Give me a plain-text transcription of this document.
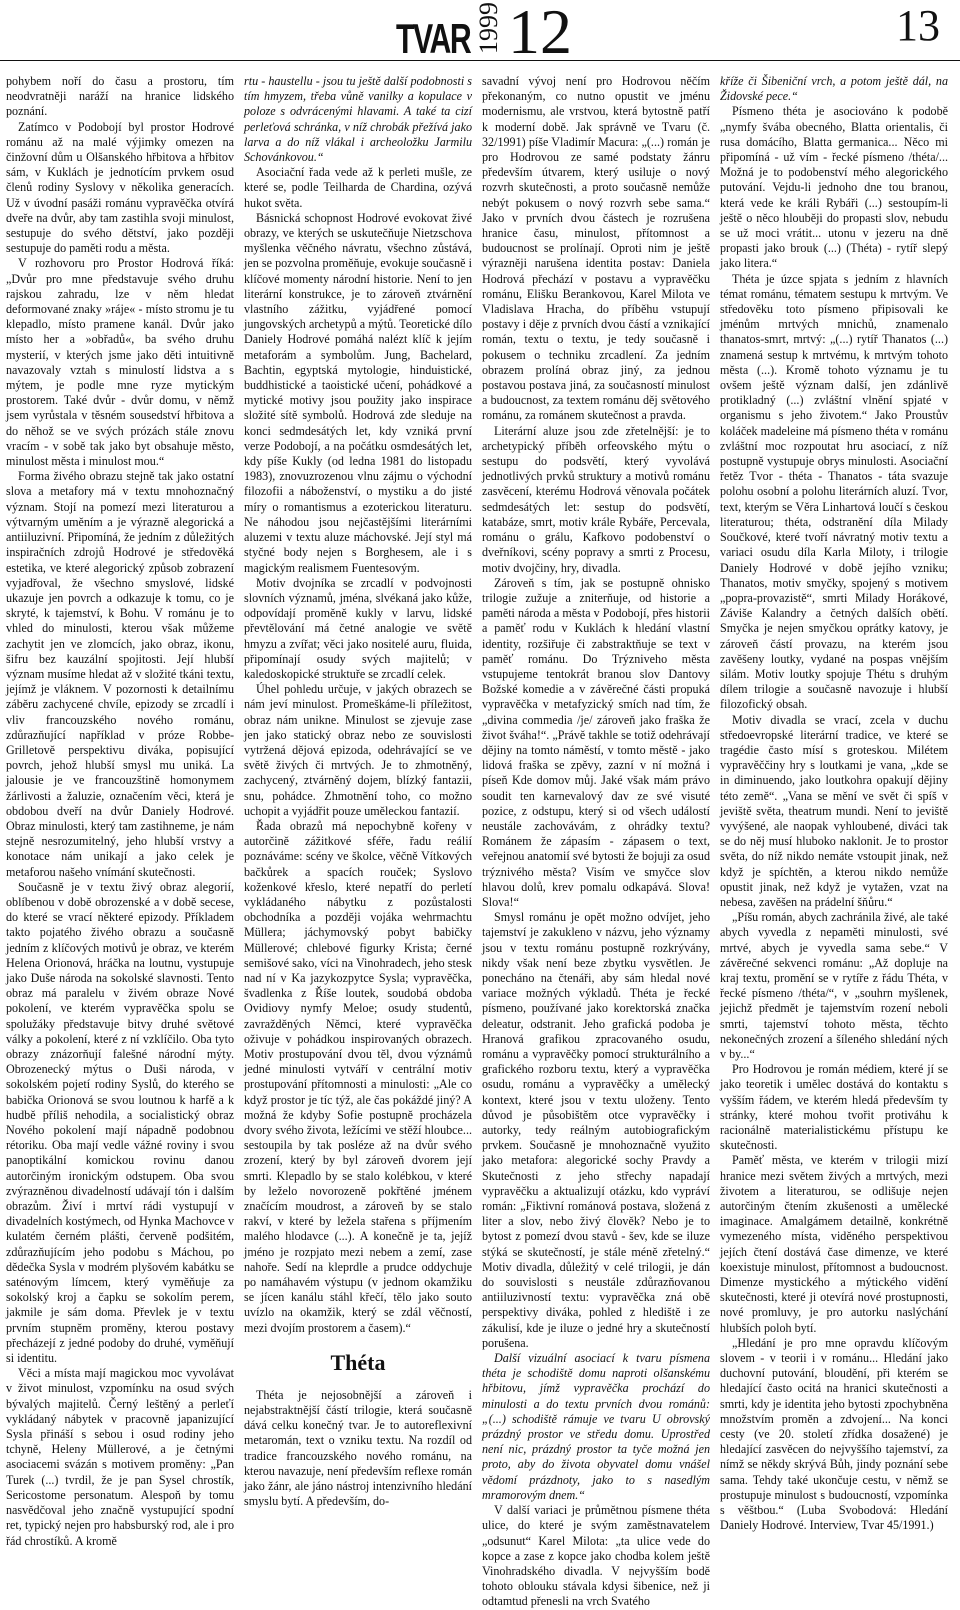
TVAR 1999 12	13

pohybem noří do času a prostoru, tím neodvratněji naráží na hranice lidského poznání.

Zatímco v Podobojí byl prostor Hodrové románu až na malé výjimky omezen na činžovní dům u Olšanského hřbitova a hřbitov sám, v Kuklách je jednotícím prvkem osud členů rodiny Syslovy v několika generacích. Už v úvodní pasáži románu vypravěčka otvírá dveře na dvůr, aby tam zastihla svoji minulost, sestupuje do svého dětství, jako později sestupuje do paměti rodu a města.

V rozhovoru pro Prostor Hodrová říká: „Dvůr pro mne představuje svého druhu rajskou zahradu, lze v něm hledat deformované znaky »ráje« - místo stromu je tu klepadlo, místo pramene kanál. Dvůr jako místo her a »obřadů«, ba svého druhu mysterií, v kterých jsme jako děti intuitivně navazovaly vztah s minulostí lidstva a s mýtem, je podle mne ryze mytickým prostorem. Také dvůr - dvůr domu, v němž jsem vyrůstala v těsném sousedství hřbitova a do něhož se ve svých prózách stále znovu vracím - v sobě tak jako byt obsahuje město, minulost města i minulost mou.“

Forma živého obrazu stejně tak jako ostatní slova a metafory má v textu mnohoznačný význam. Stojí na pomezí mezi literaturou a výtvarným uměním a je výrazně alegorická a antiiluzivní. Připomíná, že jedním z důležitých inspiračních zdrojů Hodrové je středověká estetika, ve které alegorický způsob zobrazení vyjadřoval, že všechno smyslové, lidské ukazuje jen povrch a odkazuje k tomu, co je skryté, k tajemství, k Bohu. V románu je to vhled do minulosti, kterou však můžeme zachytit jen ve zlomcích, jako obraz, ikonu, šifru bez kauzální spojitosti. Její hlubší význam musíme hledat až v složité tkáni textu, jejímž je vláknem. V pozornosti k detailnímu záběru zachycené chvíle, epizody se zrcadlí i vliv francouzského nového románu, zdůrazňující například v próze Robbe-Grilletově perspektivu diváka, popisující povrch, jehož hlubší smysl mu uniká. La jalousie je ve francouzštině homonymem žárlivosti a žaluzie, označením věci, která je obdobou dveří na dvůr Daniely Hodrové. Obraz minulosti, který tam zastihneme, je nám stejně nesrozumitelný, jeho hlubší vrstvy a konotace nám unikají a jako celek je metaforou našeho vnímání skutečnosti.

Současně je v textu živý obraz alegorií, oblíbenou v době obrozenské a v době secese, do které se vrací některé epizody. Příkladem takto pojatého živého obrazu a současně jedním z klíčových motivů je obraz, ve kterém Helena Orionová, hráčka na loutnu, vystupuje jako Duše národa na sokolské slavnosti. Tento obraz má paralelu v živém obraze Nové pokolení, ve kterém vypravěčka spolu se spolužáky představuje bitvy druhé světové války a pokolení, které z ní vzklíčilo. Oba tyto obrazy znázorňují falešné národní mýty. Obrozenecký mýtus o Duši národa, v sokolském pojetí rodiny Syslů, do kterého se babička Orionová se svou loutnou k harfě a k hudbě příliš nehodila, a socialistický obraz Nového pokolení mají nápadně podobnou rétoriku. Oba mají vedle vážné roviny i svou panoptikální komickou rovinu danou autorčiným ironickým odstupem. Oba svou zvýrazněnou divadelností udávají tón i dalším obrazům. Živí i mrtví rádi vystupují v divadelních kostýmech, od Hynka Machovce v kulatém černém plášti, červeně podšitém, zdůrazňujícím jeho podobu s Máchou, po dědečka Sysla v modrém plyšovém kabátku se saténovým límcem, který vyměňuje za sokolský kroj a čapku se sokolím perem, jakmile je sám doma. Převlek je v textu prvním stupněm proměny, kterou postavy přecházejí z jedné podoby do druhé, vyměňují si identitu.

Věci a místa mají magickou moc vyvolávat v život minulost, vzpomínku na osud svých bývalých majitelů. Černý leštěný a perleťí vykládaný nábytek v pracovně japanizující Sysla přináší s sebou i osud rodiny jeho tchyně, Heleny Müllerové, a je četnými asociacemi svázán s motivem proměny: „Pan Turek (...) tvrdil, že je pan Sysel chrostík, Sericostome personatum. Alespoň by tomu nasvědčoval jeho značně vystupující spodní ret, typický nejen pro habsburský rod, ale i pro řád chrostíků. A kromě

rtu - haustellu - jsou tu ještě další podobnosti s tím hmyzem, třeba vůně vanilky a kopulace v poloze s odvrácenými hlavami. A také ta cizí perleťová schránka, v níž chrobák přežívá jako larva a do níž vlákal i archeoložku Jarmilu Schovánkovou.“

Asociační řada vede až k perleti mušle, ze které se, podle Teilharda de Chardina, ozývá hukot světa.

Básnická schopnost Hodrové evokovat živé obrazy, ve kterých se uskutečňuje Nietzschova myšlenka věčného návratu, všechno zůstává, jen se pozvolna proměňuje, evokuje současně i klíčové momenty národní historie. Není to jen literární konstrukce, je to zároveň ztvárnění vlastního zážitku, vyjádřené pomocí jungovských archetypů a mýtů. Teoretické dílo Daniely Hodrové pomáhá nalézt klíč k jejím metaforám a symbolům. Jung, Bachelard, Bachtin, egyptská mytologie, hinduistické, buddhistické a taoistické učení, pohádkové a mytické motivy jsou použity jako inspirace složité sítě symbolů. Hodrová zde sleduje na konci sedmdesátých let, kdy vzniká první verze Podobojí, a na počátku osmdesátých let, kdy píše Kukly (od ledna 1981 do listopadu 1983), znovuzrozenou vlnu zájmu o východní filozofii a náboženství, o mystiku a do jisté míry o romantismus a ezoterickou literaturu. Ne náhodou jsou nejčastějšími literárními aluzemi v textu aluze máchovské. Její styl má styčné body nejen s Borghesem, ale i s magickým realismem Fuentesovým.

Motiv dvojníka se zrcadlí v podvojnosti slovních významů, jména, slvékaná jako kůže, odpovídají proměně kukly v larvu, lidské převtělování má četné analogie ve světě hmyzu a zvířat; věci jako nositelé auru, fluida, připomínají osudy svých majitelů; v kaledoskopické struktuře se zrcadlí celek.

Úhel pohledu určuje, v jakých obrazech se nám jeví minulost. Promeškáme-li příležitost, obraz nám unikne. Minulost se zjevuje zase jen jako statický obraz nebo ze souvislosti vytržená dějová epizoda, odehrávající se ve světě živých či mrtvých. Je to zhmotněný, zachycený, ztvárněný dojem, blízký fantazii, snu, pohádce. Zhmotnění toho, co možno uchopit a vyjádřit pouze uměleckou fantazií.

Řada obrazů má nepochybně kořeny v autorčině zážitkové sféře, řadu reálií poznáváme: scény ve školce, věčně Vítkových bačkůrek a spacích rouček; Syslovo koženkové křeslo, které nepatří do perletí vykládaného nábytku z pozůstalosti obchodníka a později vojáka wehrmachtu Müllera; jáchymovský pobyt babičky Müllerové; chlebové figurky Krista; černé semišové sako, víci na Vinohradech, jeho stesk nad ní v Ka jazykozpytce Sysla; vypravěčka, švadlenka z Říše loutek, soudobá obdoba Ovidiovy nymfy Meloe; osudy studentů, zavražděných Němci, které vypravěčka oživuje v pohádkou inspirovaných obrazech. Motiv prostupování dvou těl, dvou význámů jedné minulosti vytváří v centrální motiv prostupování přítomnosti a minulosti: „Ale co když prostor je tíc týž, ale čas pokáždé jiný? A možná že kdyby Sofie postupně procházela dvory svého života, ležícími ve stěží hloubce... sestoupila by tak posléze až na dvůr svého zrození, který by byl zároveň dvorem její smrti. Klepadlo by se stalo kolébkou, v které by leželo novorozeně pokřtěné jménem značícím moudrost, a zároveň by se stalo rakví, v které by ležela stařena s příjmením malého hlodavce (...). A konečně je ta, jejíž jméno je rozpjato mezi nebem a zemí, zase nahoře. Sedí na kleprdle a prudce oddychuje po namáhavém výstupu (v jednom okamžiku se jícen kanálu stáhl křečí, tělo jako souto uvízlo na okamžik, který se zdál věčností, mezi dvojím prostorem a časem).“

Théta

Théta je nejosobnější a zároveň i nejabstraktnější částí trilogie, která současně dává celku konečný tvar. Je to autoreflexivní metaromán, text o vzniku textu. Na rozdíl od tradice francouzského nového románu, na kterou navazuje, není především reflexe román jako žánr, ale jáno nástroj intenzivního hledání smyslu bytí. A především, do-

savadní vývoj není pro Hodrovou něčím překonaným, co nutno opustit ve jménu modernismu, ale vrstvou, která bytostně patří k moderní době. Jak správně ve Tvaru (č. 32/1991) píše Vladimír Macura: „(...) román je pro Hodrovou ze samé podstaty žánru především útvarem, který usiluje o nový rozvrh skutečnosti, a proto současně nemůže nebýt pokusem o nový rozvrh sebe sama.“ Jako v prvních dvou částech je rozrušena hranice času, minulost, přítomnost a budoucnost se prolínají. Oproti nim je ještě výrazněji narušena identita postav: Daniela Hodrová přechází v postavu a vypravěčku románu, Elišku Berankovou, Karel Milota ve Vladislava Hracha, do příběhu vstupují postavy i děje z prvních dvou částí a vznikající román, textu o textu, je tedy současně i pokusem o techniku zrcadlení. Za jedním obrazem prolíná obraz jiný, za jednou postavou postava jiná, za současností minulost a budoucnost, za textem románu děj světového románu, za románem skutečnost a pravda.

Literární aluze jsou zde zřetelnější: je to archetypický příběh orfeovského mýtu o sestupu do podsvětí, který vyvolává jednotlivých prvků struktury a motivů románu zasvěcení, kterému Hodrová věnovala počátek sedmdesátých let: sestup do podsvětí, katabáze, smrt, motiv krále Rybáře, Percevala, románu o grálu, Kafkovo podobenství o dveřníkovi, scény popravy a smrti z Procesu, motiv dvojčiny, hry, divadla.

Zároveň s tím, jak se postupně ohnisko trilogie zužuje a zniterňuje, od historie a paměti národa a města v Podobojí, přes historii a paměť rodu v Kuklách k hledání vlastní identity, rozšiřuje či zabstraktňuje se text v paměť románu. Do Trýzniveho města vstupujeme tentokrát branou slov Dantovy Božské komedie a v závěrečné části propuká vypravěčka v metafyzický smích nad tím, že „divina commedia /je/ zároveň jako fraška že život šváha!“. „Právě takhle se totiž odehrávají dějiny na tomto náměstí, v tomto městě - jako lidová fraška se zpěvy, zazní v ní možná i píseň Kde domov můj. Jaké však mám právo soudit ten karnevalový dav ze své visuté pozice, z odstupu, který si od všech událostí neustále zachovávám, z ohrádky textu? Románem že zápasím - zápasem o text, veřejnou anatomií své bytosti že bojuji za osud trýznivého města? Visím ve smyčce slov hlavou dolů, krev pomalu odkapává. Slova! Slova!“

Smysl románu je opět možno odvíjet, jeho tajemství je zakukleno v názvu, jeho významy jsou v textu románu postupně rozkrývány, nikdy však není beze zbytku vysvětlen. Je ponecháno na čtenáři, aby sám hledal nové variace možných výkladů. Théta je řecké písmeno, používané jako korektorská značka deleatur, odstranit. Jeho grafická podoba je Hranová grafikou zpracovaného osudu, románu a vypravěčky pomocí strukturálního a grafického rozboru textu, který a vypravěčka osudu, románu a vypravěčky a umělecký kontext, které jsou v textu uloženy. Tento důvod je působištěm otce vypravěčky i autorky, tedy reálným autobiografickým prvkem. Současně je mnohoznačně využito jako metafora: alegorické sochy Pravdy a Skutečnosti z jeho střechy napadají vypravěčku a aktualizují otázku, kdo vypráví román: „Fiktivní románová postava, složená z liter a slov, nebo živý člověk? Nebo je to bytost z pomezí dvou stavů - šev, kde se iluze stýká se skutečností, je stále méně zřetelný.“ Motiv divadla, důležitý v celé trilogii, je dán do souvislosti s neustále zdůrazňovanou antiiluzivností textu: vypravěčka zná obě perspektivy diváka, pohled z hlediště i ze zákulisí, kde je iluze o jedné hry a skutečností porušena.

Další vizuální asociací k tvaru písmena théta je schodiště domu naproti olšanskému hřbitovu, jímž vypravěčka prochází do minulosti a do textu prvních dvou románů: „(...) schodiště rámuje ve tvaru U obrovský prázdný prostor ve středu domu. Uprostřed není nic, prázdný prostor ta tyče možná jen proto, aby do života obyvatel domu vnášel vědomí prázdnoty, jako to s nasedlým mramorovým dnem.“

V další variaci je průmětnou písmene théta ulice, do které je svým zaměstnavatelem „odsunut“ Karel Milota: „ta ulice vede do kopce a zase z kopce jako chodba kolem ještě Vinohradského divadla. V nejvyšším bodě tohoto oblouku stávala kdysi šibenice, než ji odtamtud přenesli na vrch Svatého

kříže či Šibeniční vrch, a potom ještě dál, na Židovské pece.“

Písmeno théta je asociováno k podobě „nymfy švába obecného, Blatta orientalis, či rusa domácího, Blatta germanica... Něco mi připomíná - už vím - řecké písmeno /théta/... Možná je to podobenství mého alegorického putování. Vejdu-li jednoho dne tou branou, která vede ke králi Rybáři (...) sestoupím-li ještě o něco hlouběji do propasti slov, nebudu se už moci vrátit... utonu v jezeru na dně propasti jako brouk (...) (Théta) - rytíř slepý jako litera.“

Théta je úzce spjata s jedním z hlavních témat románu, tématem sestupu k mrtvým. Ve středověku toto písmeno připisovali ke jménům mrtvých mnichů, znamenalo thanatos-smrt, mrtvý: „(...) rytíř Thanatos (...) znamená sestup k mrtvému, k mrtvým tohoto města (...). Kromě tohoto významu je tu ovšem ještě význam další, jen zdánlivě protikladný (...) zvláštní vlnění spjaté v organismu s jeho životem.“ Jako Proustův koláček madeleine má písmeno théta v románu zvláštní moc rozpoutat hru asociací, z níž postupně vystupuje obrys minulosti. Asociační řetěz Tvor - théta - Thanatos - táta svazuje polohu osobní a polohu literárních aluzí. Tvor, text, kterým se Věra Linhartová loučí s českou literaturou; théta, odstranění díla Milady Součkové, které tvoří návratný motiv textu a variaci osudu díla Karla Miloty, i trilogie Daniely Hodrové v době jejího vzniku; Thanatos, motiv smyčky, spojený s motivem „popra-provazistě“, smrti Milady Horákové, Záviše Kalandry a četných dalších obětí. Smyčka je nejen smyčkou oprátky katovy, je zároveň částí provazu, na kterém jsou zavěšeny loutky, vydané na pospas vnějším silám. Motiv loutky spojuje Thétu s druhým dílem trilogie a současně navozuje i hlubší filozofický obsah.

Motiv divadla se vrací, zcela v duchu středoevropské literární tradice, ve které se tragédie často mísí s groteskou. Milétem vypravěččiny hry s loutkami je vana, „kde se in diminuendo, jako loutkohra opakují dějiny této země“. „Vana se mění ve svět či spíš v jeviště světa, theatrum mundi. Není to jeviště vyvýšené, ale naopak vyhloubené, diváci tak se do něj musí hluboko naklonit. Je to prostor světa, do níž nikdo nemáte vstoupit jinak, než když je spíchtěn, a kterou nikdo nemůže opustit jinak, než když je vytažen, vzat na nebesa, zavěšen na prádelní šňůru.“

„Píšu román, abych zachránila živé, ale také abych vyvedla z nepaměti minulosti, své mrtvé, abych je vyvedla sama sebe.“ V závěrečné sekvenci románu: „Až dopluje na kraj textu, promění se v rytíře z řádu Théta, v řecké písmeno /théta/“, v „souhrn myšlenek, jejichž předmět je tajemstvím rození neboli smrti, tajemství tohoto města, těchto nekonečných zrození a šíleného shledání ných v by...“

Pro Hodrovou je román médiem, které jí se jako teoretik i umělec dostává do kontaktu s vyšším řádem, ve kterém hledá především ty stránky, které mohou tvořit protiváhu k racionálně materialistickému přístupu ke skutečnosti.

Paměť města, ve kterém v trilogii mizí hranice mezi světem živých a mrtvých, mezi životem a literaturou, se odlišuje nejen autorčiným čtením zkušenosti a umělecké imaginace. Amalgámem detailně, konkrétně vymezeného místa, viděného perspektivou jejích čtení dostává čase dimenze, ve které koexistuje minulost, přítomnost a budoucnost. Dimenze mystického a mýtického vidění skutečnosti, které ji otevírá nové prostupnosti, nové promluvy, je pro autorku naslýchání hlubších poloh bytí.

„Hledání je pro mne opravdu klíčovým slovem - v teorii i v románu... Hledání jako duchovní putování, bloudění, při kterém se hledající často ocitá na hranici skutečnosti a smrti, kdy je identita jeho bytosti zpochybněna množstvím proměn a zdvojení... Na konci cesty (ve 20. století zřídka dosažené) je hledající zasvěcen do nejvyššího tajemství, za nímž se někdy skrývá Bůh, jindy poznání sebe sama. Tehdy také ukončuje cestu, v němž se prostupuje minulost s budoucností, vzpomínka s věštbou.“ (Luba Svobodová: Hledání Daniely Hodrové. Interview, Tvar 45/1991.)
